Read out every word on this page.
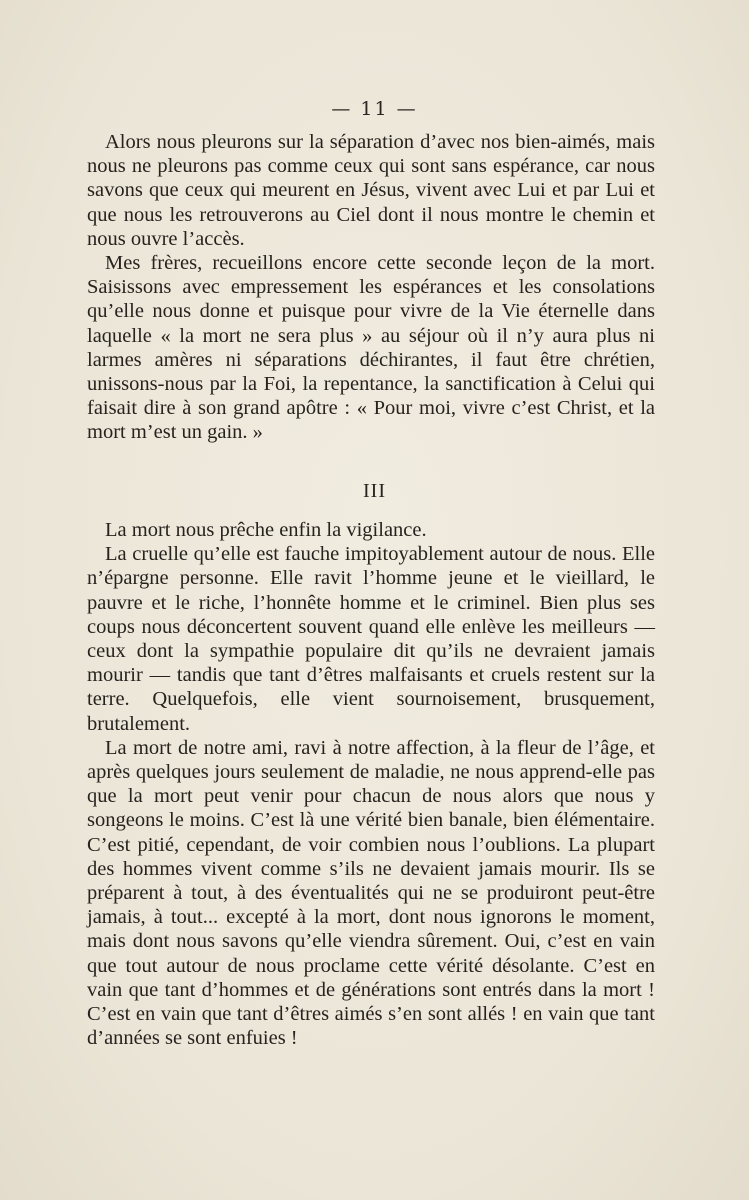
— 11 —

Alors nous pleurons sur la séparation d’avec nos bien-aimés, mais nous ne pleurons pas comme ceux qui sont sans espérance, car nous savons que ceux qui meurent en Jésus, vivent avec Lui et par Lui et que nous les retrouverons au Ciel dont il nous montre le chemin et nous ouvre l’accès.

Mes frères, recueillons encore cette seconde leçon de la mort. Saisissons avec empressement les espérances et les consolations qu’elle nous donne et puisque pour vivre de la Vie éternelle dans laquelle « la mort ne sera plus » au séjour où il n’y aura plus ni larmes amères ni séparations déchirantes, il faut être chrétien, unissons-nous par la Foi, la repentance, la sanctification à Celui qui faisait dire à son grand apôtre : « Pour moi, vivre c’est Christ, et la mort m’est un gain. »

III

La mort nous prêche enfin la vigilance.

La cruelle qu’elle est fauche impitoyablement autour de nous. Elle n’épargne personne. Elle ravit l’homme jeune et le vieillard, le pauvre et le riche, l’honnête homme et le criminel. Bien plus ses coups nous déconcertent souvent quand elle enlève les meilleurs — ceux dont la sympathie populaire dit qu’ils ne devraient jamais mourir — tandis que tant d’êtres malfaisants et cruels restent sur la terre. Quelquefois, elle vient sournoisement, brusquement, brutalement.

La mort de notre ami, ravi à notre affection, à la fleur de l’âge, et après quelques jours seulement de maladie, ne nous apprend-elle pas que la mort peut venir pour chacun de nous alors que nous y songeons le moins. C’est là une vérité bien banale, bien élémentaire. C’est pitié, cependant, de voir combien nous l’oublions. La plupart des hommes vivent comme s’ils ne devaient jamais mourir. Ils se préparent à tout, à des éventualités qui ne se produiront peut-être jamais, à tout... excepté à la mort, dont nous ignorons le moment, mais dont nous savons qu’elle viendra sûrement. Oui, c’est en vain que tout autour de nous proclame cette vérité désolante. C’est en vain que tant d’hommes et de générations sont entrés dans la mort ! C’est en vain que tant d’êtres aimés s’en sont allés ! en vain que tant d’années se sont enfuies !
